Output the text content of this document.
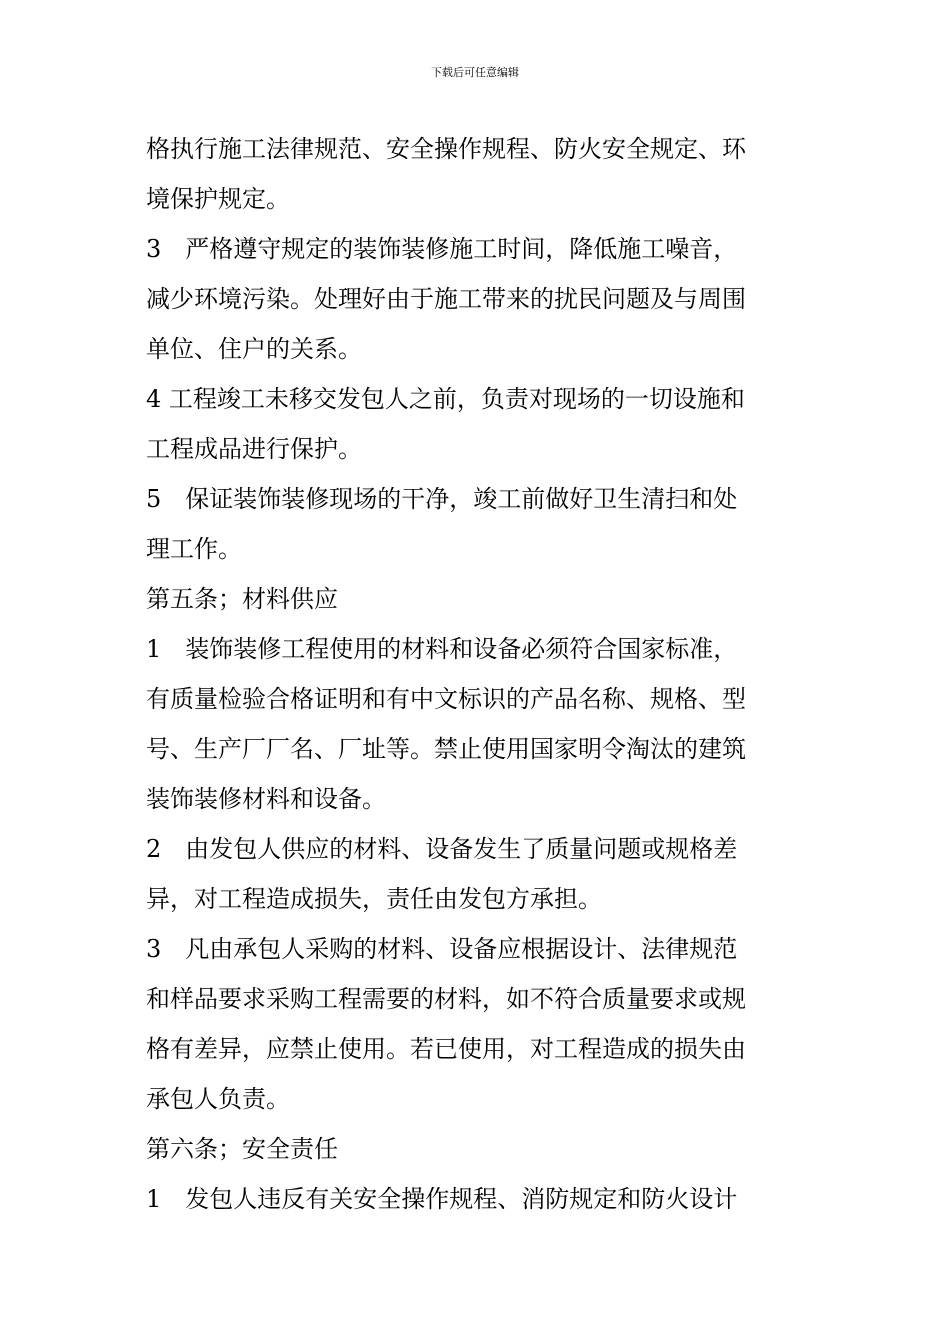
下载后可任意编辑
格执行施工法律规范、安全操作规程、防火安全规定、环
境保护规定。
3　严格遵守规定的装饰装修施工时间，降低施工噪音，
减少环境污染。处理好由于施工带来的扰民问题及与周围
单位、住户的关系。
4 工程竣工未移交发包人之前，负责对现场的一切设施和
工程成品进行保护。
5　保证装饰装修现场的干净，竣工前做好卫生清扫和处
理工作。
第五条；材料供应
1　装饰装修工程使用的材料和设备必须符合国家标准，
有质量检验合格证明和有中文标识的产品名称、规格、型
号、生产厂厂名、厂址等。禁止使用国家明令淘汰的建筑
装饰装修材料和设备。
2　由发包人供应的材料、设备发生了质量问题或规格差
异，对工程造成损失，责任由发包方承担。
3　凡由承包人采购的材料、设备应根据设计、法律规范
和样品要求采购工程需要的材料，如不符合质量要求或规
格有差异，应禁止使用。若已使用，对工程造成的损失由
承包人负责。
第六条；安全责任
1　发包人违反有关安全操作规程、消防规定和防火设计
